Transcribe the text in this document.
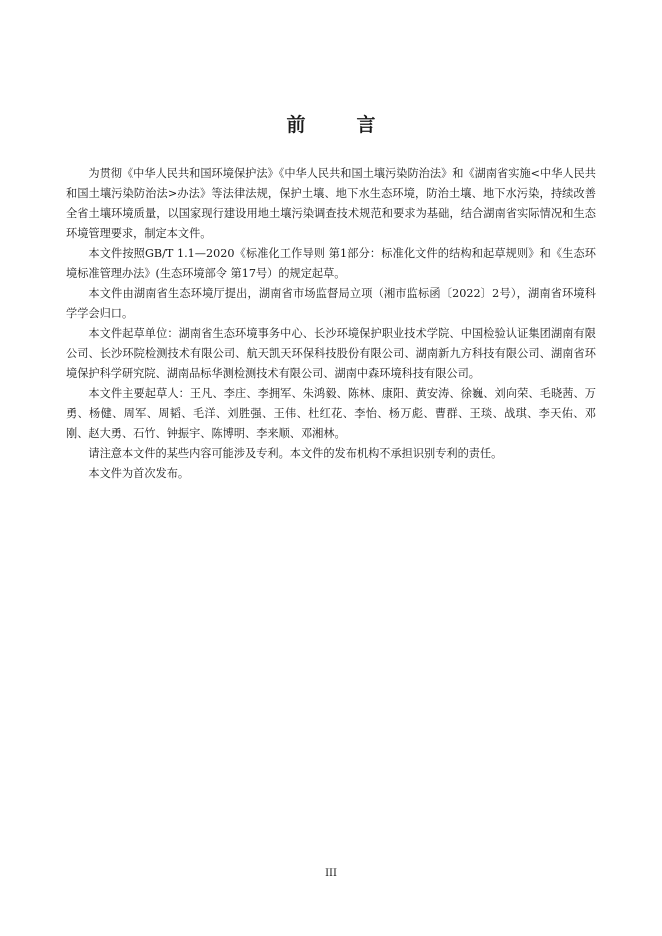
前　言

为贯彻《中华人民共和国环境保护法》《中华人民共和国土壤污染防治法》和《湖南省实施<中华人民共和国土壤污染防治法>办法》等法律法规，保护土壤、地下水生态环境，防治土壤、地下水污染，持续改善全省土壤环境质量，以国家现行建设用地土壤污染调查技术规范和要求为基础，结合湖南省实际情况和生态环境管理要求，制定本文件。

本文件按照GB/T 1.1—2020《标准化工作导则 第1部分：标准化文件的结构和起草规则》和《生态环境标准管理办法》(生态环境部令 第17号）的规定起草。

本文件由湖南省生态环境厅提出，湖南省市场监督局立项（湘市监标函〔2022〕2号），湖南省环境科学学会归口。

本文件起草单位：湖南省生态环境事务中心、长沙环境保护职业技术学院、中国检验认证集团湖南有限公司、长沙环院检测技术有限公司、航天凯天环保科技股份有限公司、湖南新九方科技有限公司、湖南省环境保护科学研究院、湖南品标华测检测技术有限公司、湖南中森环境科技有限公司。

本文件主要起草人：王凡、李庄、李拥军、朱鸿毅、陈林、康阳、黄安涛、徐巍、刘向荣、毛晓茜、万勇、杨健、周军、周韬、毛洋、刘胜强、王伟、杜红花、李怡、杨万彪、曹群、王琰、战琪、李天佑、邓刚、赵大勇、石竹、钟振宇、陈博明、李来顺、邓湘林。

请注意本文件的某些内容可能涉及专利。本文件的发布机构不承担识别专利的责任。

本文件为首次发布。

III
